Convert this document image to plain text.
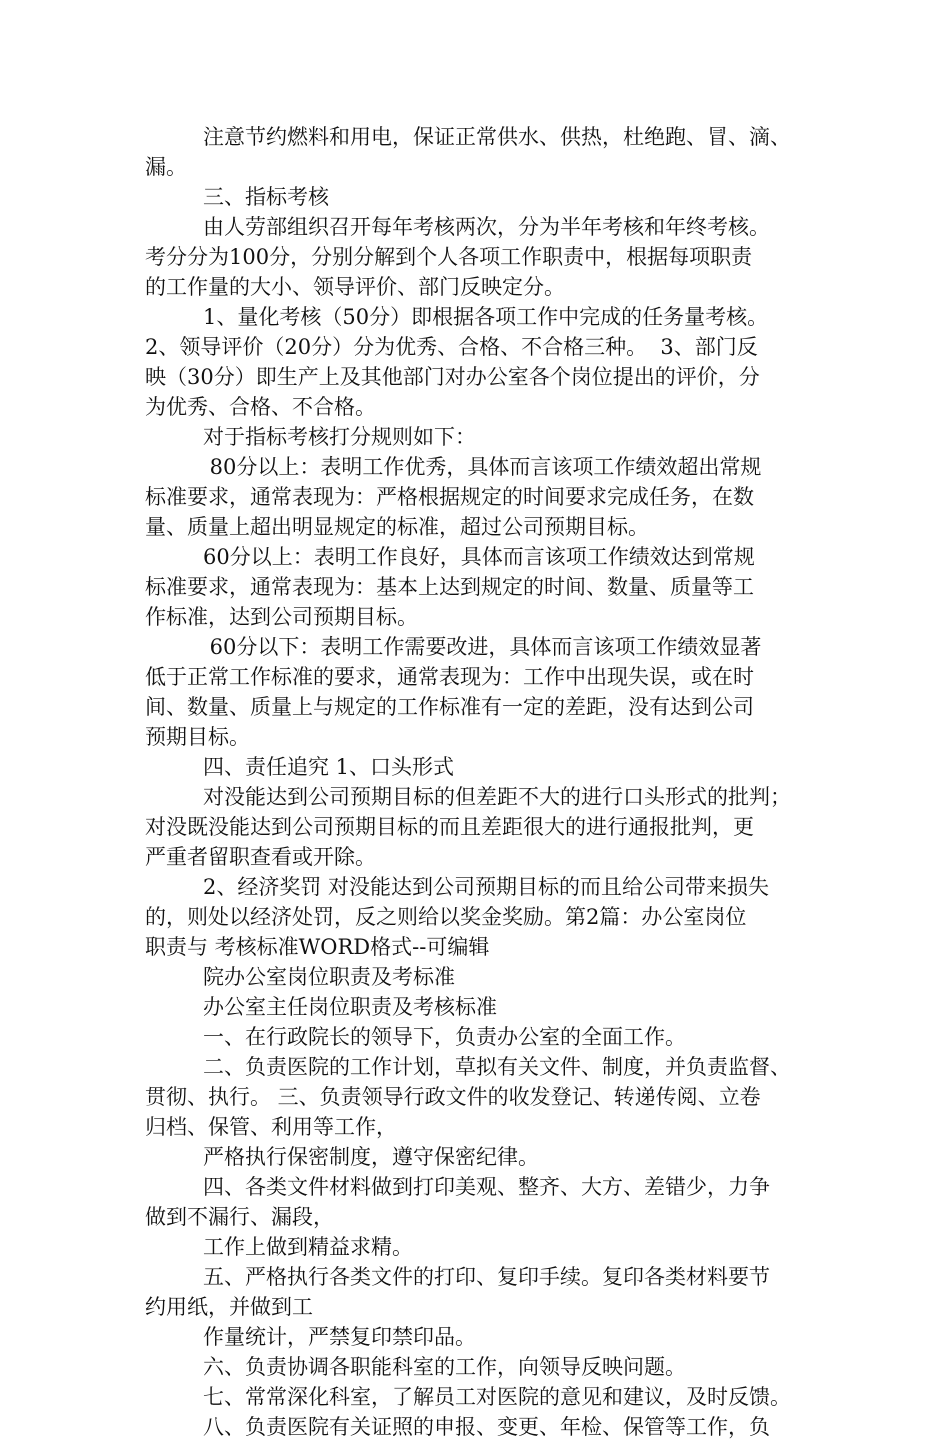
注意节约燃料和用电，保证正常供水、供热，杜绝跑、冒、滴、

漏。

三、指标考核

由人劳部组织召开每年考核两次，分为半年考核和年终考核。

考分分为100分，分别分解到个人各项工作职责中，根据每项职责

的工作量的大小、领导评价、部门反映定分。

1、量化考核（50分）即根据各项工作中完成的任务量考核。

2、领导评价（20分）分为优秀、合格、不合格三种。  3、部门反

映（30分）即生产上及其他部门对办公室各个岗位提出的评价，分

为优秀、合格、不合格。

对于指标考核打分规则如下：

80分以上：表明工作优秀，具体而言该项工作绩效超出常规

标准要求，通常表现为：严格根据规定的时间要求完成任务，在数

量、质量上超出明显规定的标准，超过公司预期目标。

60分以上：表明工作良好，具体而言该项工作绩效达到常规

标准要求，通常表现为：基本上达到规定的时间、数量、质量等工

作标准，达到公司预期目标。

60分以下：表明工作需要改进，具体而言该项工作绩效显著

低于正常工作标准的要求，通常表现为：工作中出现失误，或在时

间、数量、质量上与规定的工作标准有一定的差距，没有达到公司

预期目标。

四、责任追究 1、口头形式

对没能达到公司预期目标的但差距不大的进行口头形式的批判；

对没既没能达到公司预期目标的而且差距很大的进行通报批判，更

严重者留职查看或开除。

2、经济奖罚 对没能达到公司预期目标的而且给公司带来损失

的，则处以经济处罚，反之则给以奖金奖励。第2篇：办公室岗位

职责与 考核标准WORD格式--可编辑

院办公室岗位职责及考标准

办公室主任岗位职责及考核标准

一、在行政院长的领导下，负责办公室的全面工作。

二、负责医院的工作计划，草拟有关文件、制度，并负责监督、

贯彻、执行。 三、负责领导行政文件的收发登记、转递传阅、立卷

归档、保管、利用等工作，

严格执行保密制度，遵守保密纪律。

四、各类文件材料做到打印美观、整齐、大方、差错少，力争

做到不漏行、漏段，

工作上做到精益求精。

五、严格执行各类文件的打印、复印手续。复印各类材料要节

约用纸，并做到工

作量统计，严禁复印禁印品。

六、负责协调各职能科室的工作，向领导反映问题。

七、常常深化科室，了解员工对医院的意见和建议，及时反馈。

八、负责医院有关证照的申报、变更、年检、保管等工作，负
